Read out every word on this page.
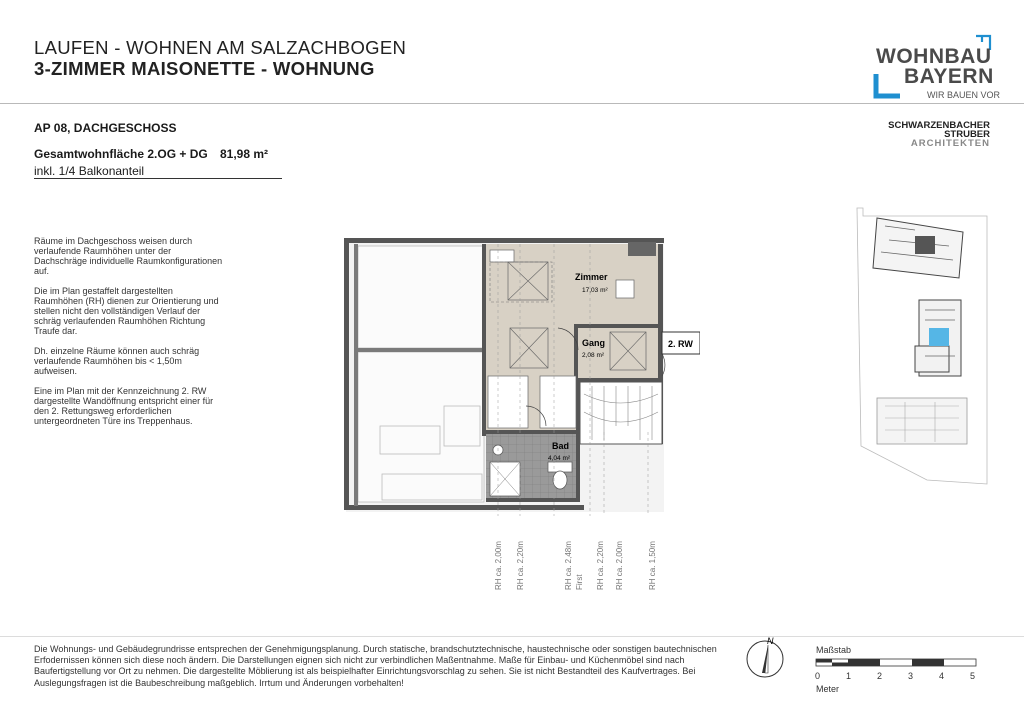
LAUFEN - WOHNEN AM SALZACHBOGEN
3-ZIMMER MAISONETTE - WOHNUNG
AP 08, DACHGESCHOSS
Gesamtwohnfläche 2.OG + DG 81,98 m²
inkl. 1/4 Balkonanteil
WOHNBAU
BAYERN
WIR BAUEN VOR
SCHWARZENBACHER
STRUBER
ARCHITEKTEN

Räume im Dachgeschoss weisen durch verlaufende Raumhöhen unter der Dachschräge individuelle Raumkonfigurationen auf.

Die im Plan gestaffelt dargestellten Raumhöhen (RH) dienen zur Orientierung und stellen nicht den vollständigen Verlauf der schräg verlaufenden Raumhöhen Richtung Traufe dar.

Dh. einzelne Räume können auch schräg verlaufende Raumhöhen bis < 1,50m aufweisen.

Eine im Plan mit der Kennzeichnung 2. RW dargestellte Wandöffnung entspricht einer für den 2. Rettungsweg erforderlichen untergeordneten Türe ins Treppenhaus.

Zimmer
17,03 m²
Gang
2,08 m²
Bad
4,04 m²
2. RW
RH ca. 2,00m RH ca. 2,20m	RH ca. 2,48m First RH ca. 2,20m RH ca. 2,00m	RH ca. 1,50m
Die Wohnungs- und Gebäudegrundrisse entsprechen der Genehmigungsplanung. Durch statische, brandschutztechnische, haustechnische oder sonstigen bautechnischen Erfodernissen können sich diese noch ändern. Die Darstellungen eignen sich nicht zur verbindlichen Maßentnahme. Maße für Einbau- und Küchenmöbel sind nach Baufertigstellung vor Ort zu nehmen. Die dargestellte Möblierung ist als beispielhafter Einrichtungsvorschlag zu sehen. Sie ist nicht Bestandteil des Kaufvertrages. Bei Auslegungsfragen ist die Baubeschreibung maßgeblich. Irrtum und Änderungen vorbehalten!
N
Maßstab
0	1	2	3	4	5
Meter
